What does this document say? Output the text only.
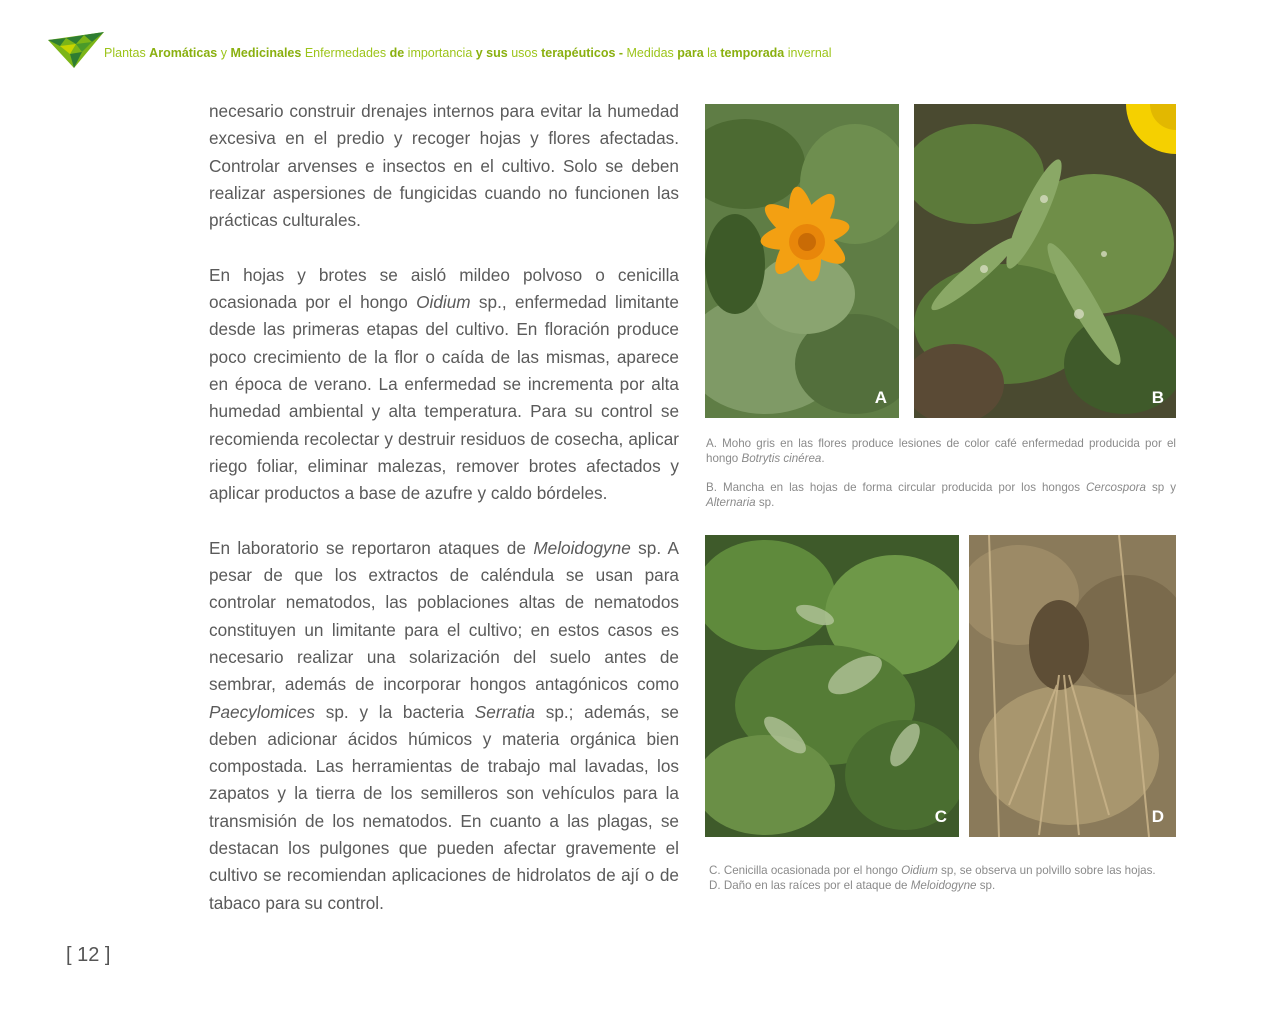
Plantas Aromáticas y Medicinales Enfermedades de importancia y sus usos terapéuticos - Medidas para la temporada invernal

necesario construir drenajes internos para evitar la humedad excesiva en el predio y recoger hojas y flores afectadas. Controlar arvenses e insectos en el cultivo. Solo se deben realizar aspersiones de fungicidas cuando no funcionen las prácticas culturales.

En hojas y brotes se aisló mildeo polvoso o cenicilla ocasionada por el hongo Oidium sp., enfermedad limitante desde las primeras etapas del cultivo. En floración produce poco crecimiento de la flor o caída de las mismas, aparece en época de verano. La enfermedad se incrementa por alta humedad ambiental y alta temperatura. Para su control se recomienda recolectar y destruir residuos de cosecha, aplicar riego foliar, eliminar malezas, remover brotes afectados y aplicar productos a base de azufre y caldo bórdeles.

En laboratorio se reportaron ataques de Meloidogyne sp. A pesar de que los extractos de caléndula se usan para controlar nematodos, las poblaciones altas de nematodos constituyen un limitante para el cultivo; en estos casos es necesario realizar una solarización del suelo antes de sembrar, además de incorporar hongos antagónicos como Paecylomices sp. y la bacteria Serratia sp.; además, se deben adicionar ácidos húmicos y materia orgánica bien compostada. Las herramientas de trabajo mal lavadas, los zapatos y la tierra de los semilleros son vehículos para la transmisión de los nematodos. En cuanto a las plagas, se destacan los pulgones que pueden afectar gravemente el cultivo se recomiendan aplicaciones de hidrolatos de ají o de tabaco para su control.

A	B

A. Moho gris en las flores produce lesiones de color café enfermedad producida por el hongo Botrytis cinérea.

B. Mancha en las hojas de forma circular producida por los hongos Cercospora sp y Alternaria sp.

C	D

C. Cenicilla ocasionada por el hongo Oidium sp, se observa un polvillo sobre las hojas.

D. Daño en las raíces por el ataque de Meloidogyne sp.

[ 12 ]
